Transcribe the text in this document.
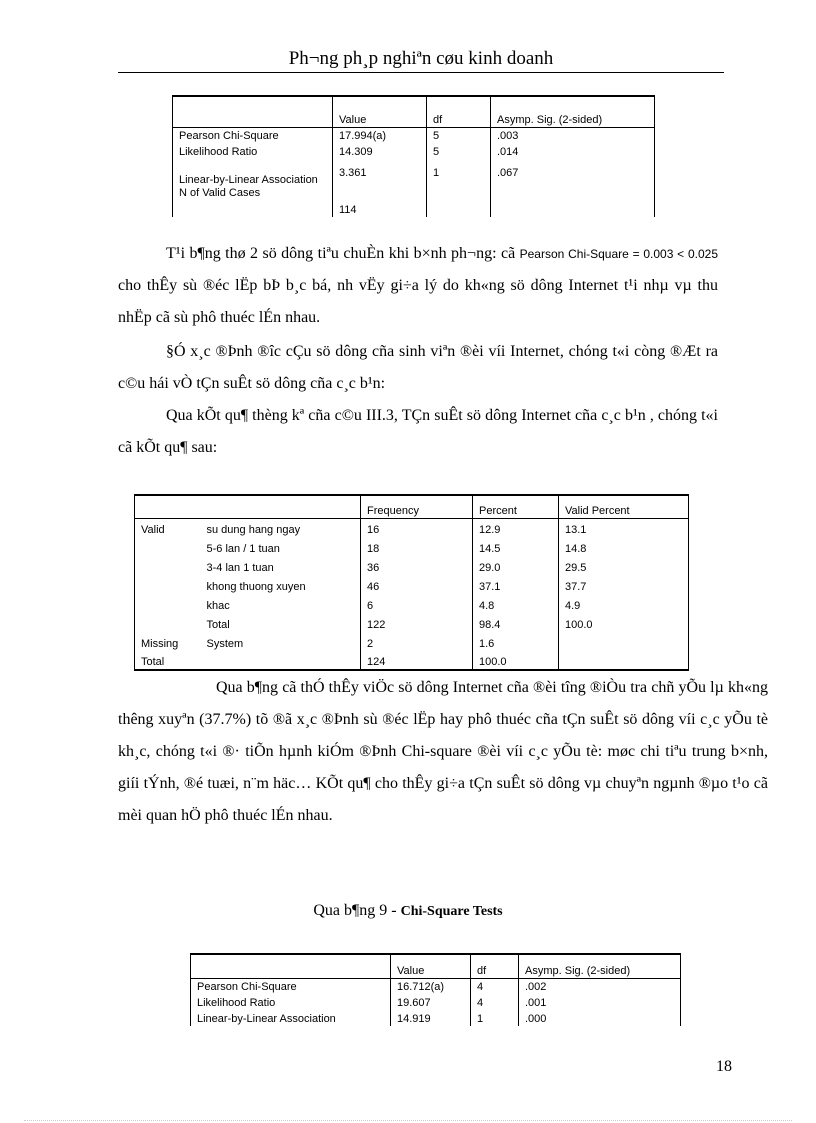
Ph¬ng ph¸p nghiªn cøu kinh doanh
	Value	df	Asymp. Sig. (2-sided)
Pearson Chi-Square	17.994(a)	5	.003
Likelihood Ratio	14.309	5	.014
Linear-by-Linear Association	3.361	1	.067
N of Valid Cases	114		
T¹i b¶ng thø 2 sö dông tiªu chuÈn khi b×nh ph¬ng: cã Pearson Chi-Square = 0.003 < 0.025 cho thÊy sù ®éc lËp bÞ b¸c bá, nh vËy gi÷a lý do kh«ng sö dông Internet t¹i nhµ vµ thu nhËp cã sù phô thuéc lÉn nhau.
§Ó x¸c ®Þnh ®îc cÇu sö dông cña sinh viªn ®èi víi Internet, chóng t«i còng ®Æt ra c©u hái vÒ tÇn suÊt sö dông cña c¸c b¹n:
Qua kÕt qu¶ thèng kª cña c©u III.3, TÇn suÊt sö dông Internet cña c¸c b¹n , chóng t«i cã kÕt qu¶ sau:
		Frequency	Percent	Valid Percent
Valid	su dung hang ngay	16	12.9	13.1
	5-6 lan / 1 tuan	18	14.5	14.8
	3-4 lan 1 tuan	36	29.0	29.5
	khong thuong xuyen	46	37.1	37.7
	khac	6	4.8	4.9
	Total	122	98.4	100.0
Missing	System	2	1.6	
Total		124	100.0	
Qua b¶ng cã thÓ thÊy viÖc sö dông Internet cña ®èi tîng ®iÒu tra chñ yÕu lµ kh«ng thêng xuyªn (37.7%) tõ ®ã x¸c ®Þnh sù ®éc lËp hay phô thuéc cña tÇn suÊt sö dông víi c¸c yÕu tè kh¸c, chóng t«i ®· tiÕn hµnh kiÓm ®Þnh Chi-square ®èi víi c¸c yÕu tè: møc chi tiªu trung b×nh, giíi tÝnh, ®é tuæi, n¨m häc… KÕt qu¶ cho thÊy gi÷a tÇn suÊt sö dông vµ chuyªn ngµnh ®µo t¹o cã mèi quan hÖ phô thuéc lÉn nhau.
Qua b¶ng 9 - Chi-Square Tests
	Value	df	Asymp. Sig. (2-sided)
Pearson Chi-Square	16.712(a)	4	.002
Likelihood Ratio	19.607	4	.001
Linear-by-Linear Association	14.919	1	.000
18
